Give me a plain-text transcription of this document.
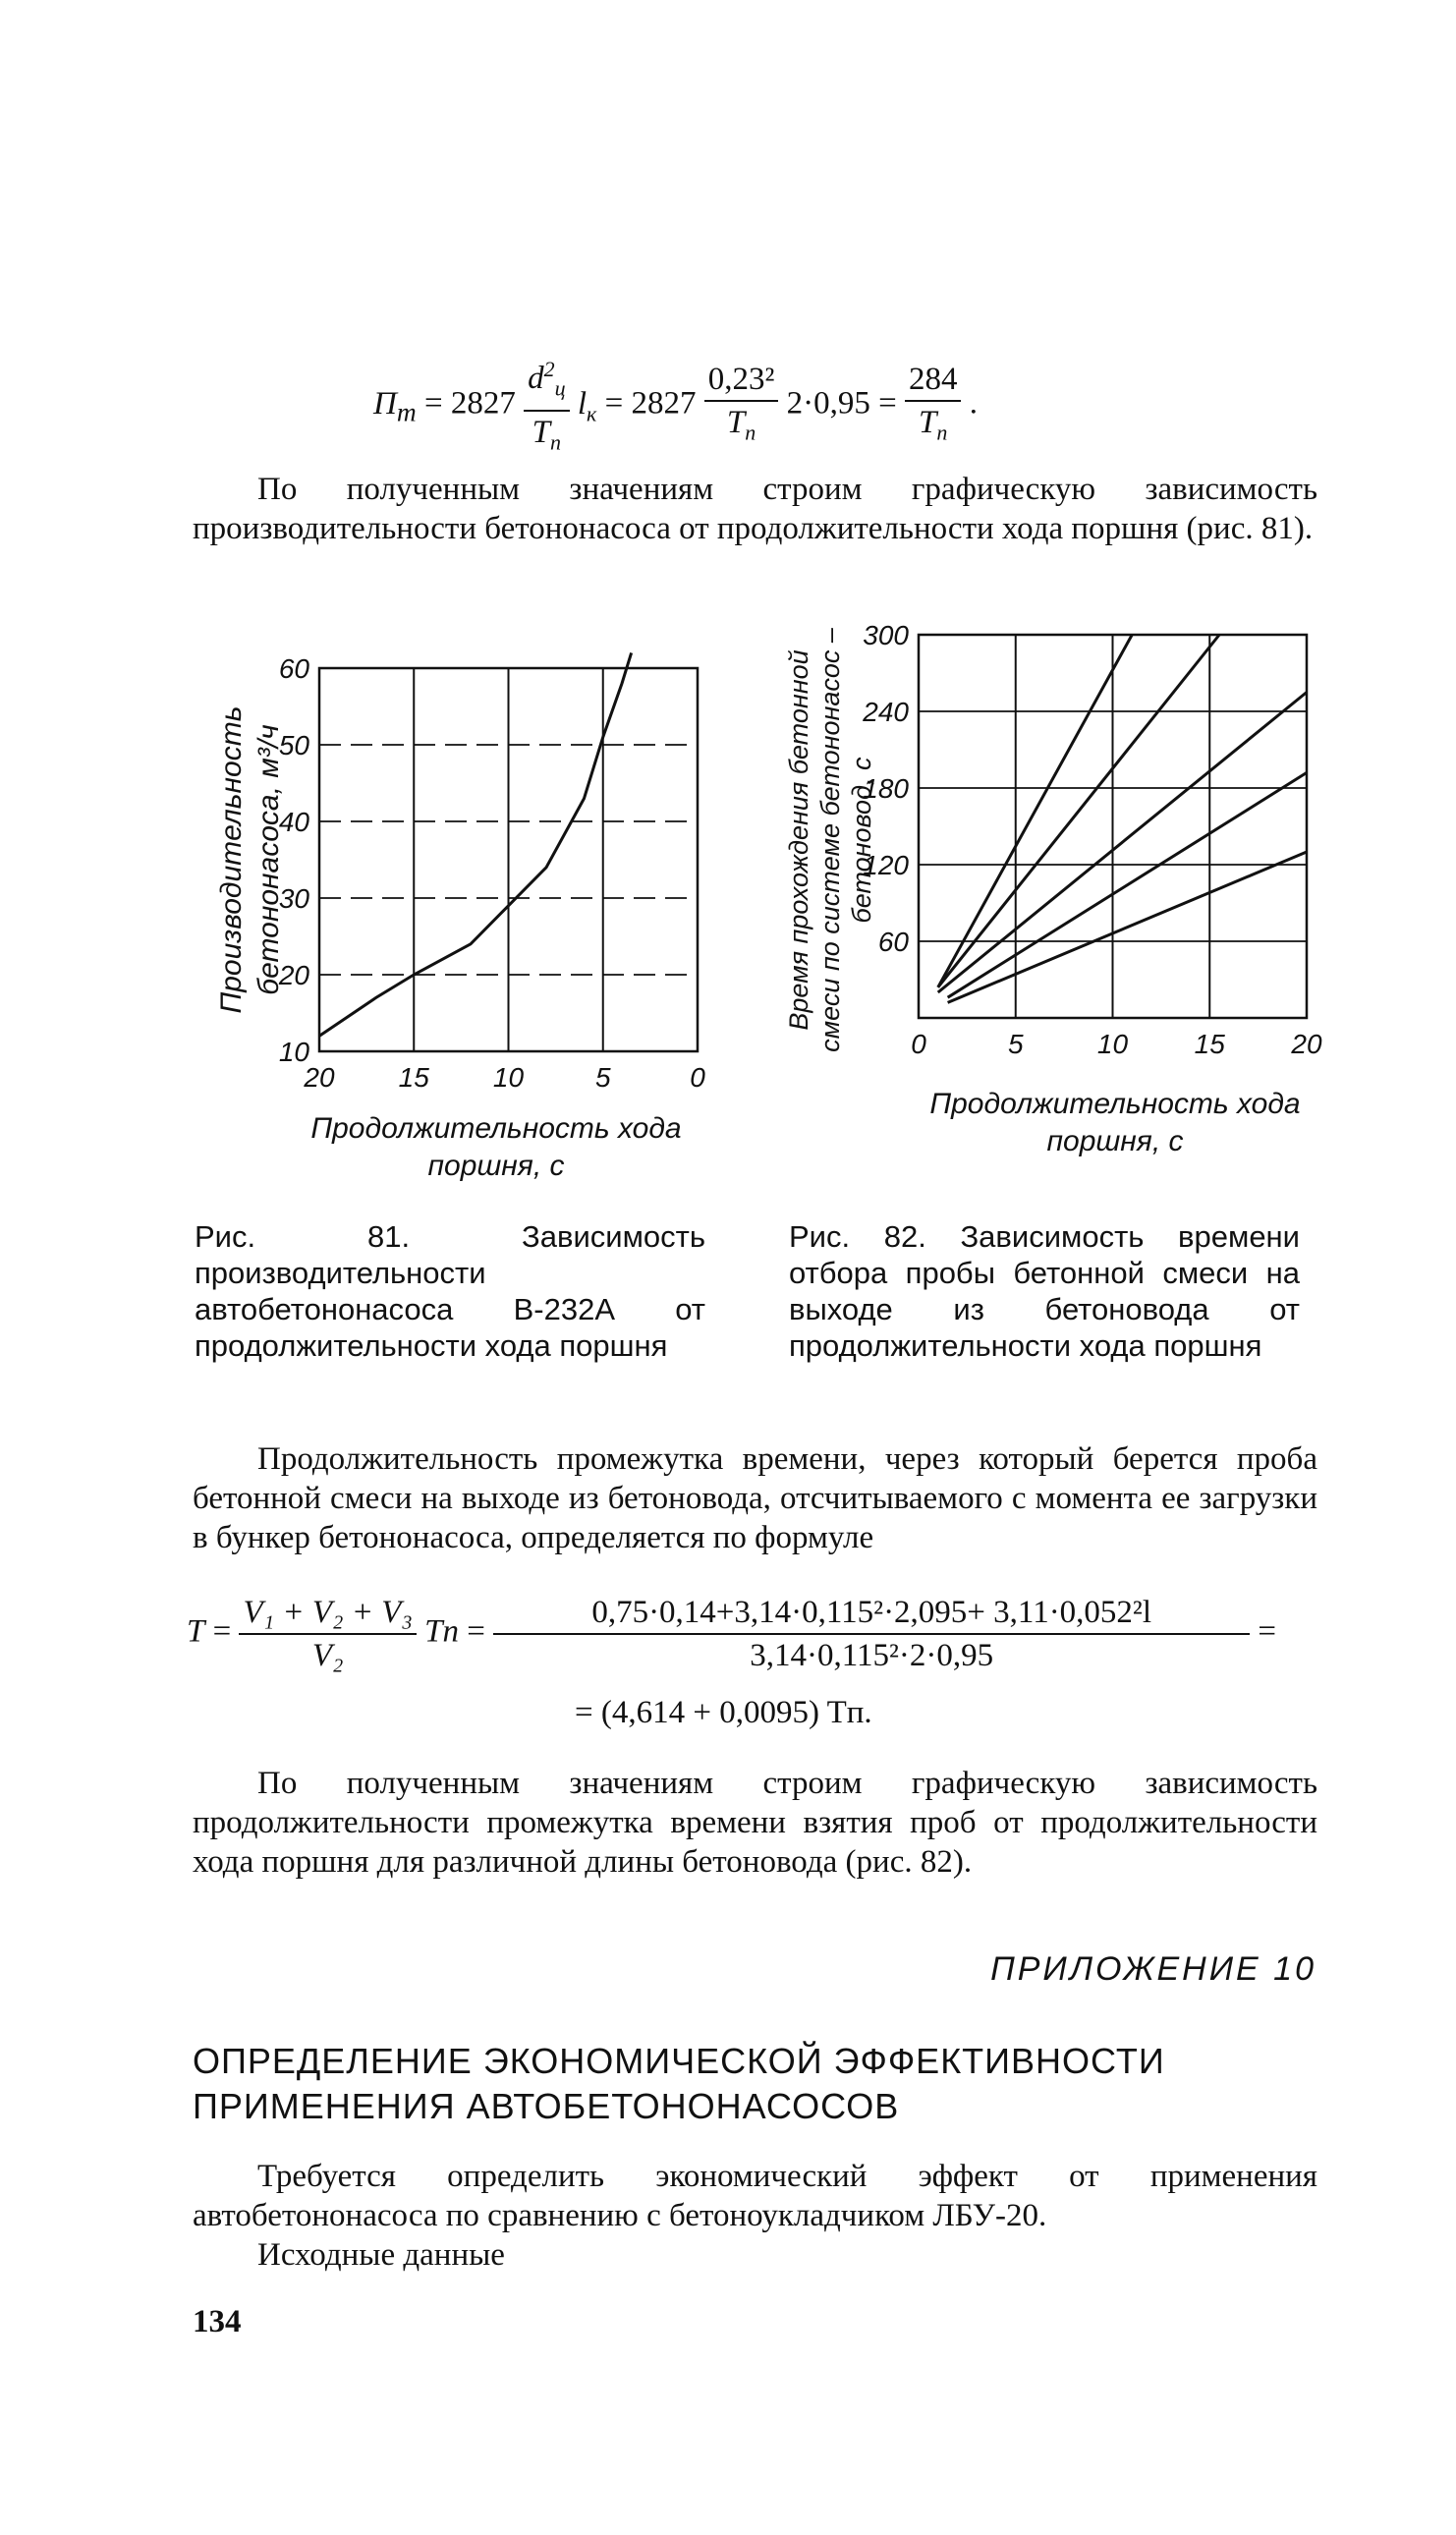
$П_т = 2827 \frac{d^2_ц}{T_п} l_к = 2827 \frac{\text{0,23²}}{T_п} 2\cdot 0,95 = \frac{284}{T_п}$ .
По полученным значениям строим графическую зависимость производительности бетононасоса от продолжительности хода поршня (рис. 81).
Производительность бетононасоса, м³/ч
20 15 10	5	0
60
50
40
30
20
10
Продолжительность хода поршня, с
Время прохождения бетонной смеси по системе бетононасос – бетоновод, с
0	5	10 15 20
300
240
180
120
60
Продолжительность хода поршня, с
Рис. 81. Зависимость производительности автобетононасоса В-232А от продолжительности хода поршня
Рис. 82. Зависимость времени отбора пробы бетонной смеси на выходе из бетоновода от продолжительности хода поршня
Продолжительность промежутка времени, через который берется проба бетонной смеси на выходе из бетоновода, отсчитываемого с момента ее загрузки в бункер бетононасоса, определяется по формуле
$T = \frac{\text{V₁ + V₂ + V₃}}{\text{V₂}}$ Tп = $\frac{\text{0,75·0,14+3,14·0,115²·2,095+ 3,11·0,052²l}}{\text{3,14·0,115²·2·0,95}}$ =
= (4,614 + 0,0095) Tп.
По полученным значениям строим графическую зависимость продолжительности промежутка времени взятия проб от продолжительности хода поршня для различной длины бетоновода (рис. 82).
ПРИЛОЖЕНИЕ 10
ОПРЕДЕЛЕНИЕ ЭКОНОМИЧЕСКОЙ ЭФФЕКТИВНОСТИ
ПРИМЕНЕНИЯ АВТОБЕТОНОНАСОСОВ
Требуется определить экономический эффект от применения автобетононасоса по сравнению с бетоноукладчиком ЛБУ-20.
Исходные данные
134
